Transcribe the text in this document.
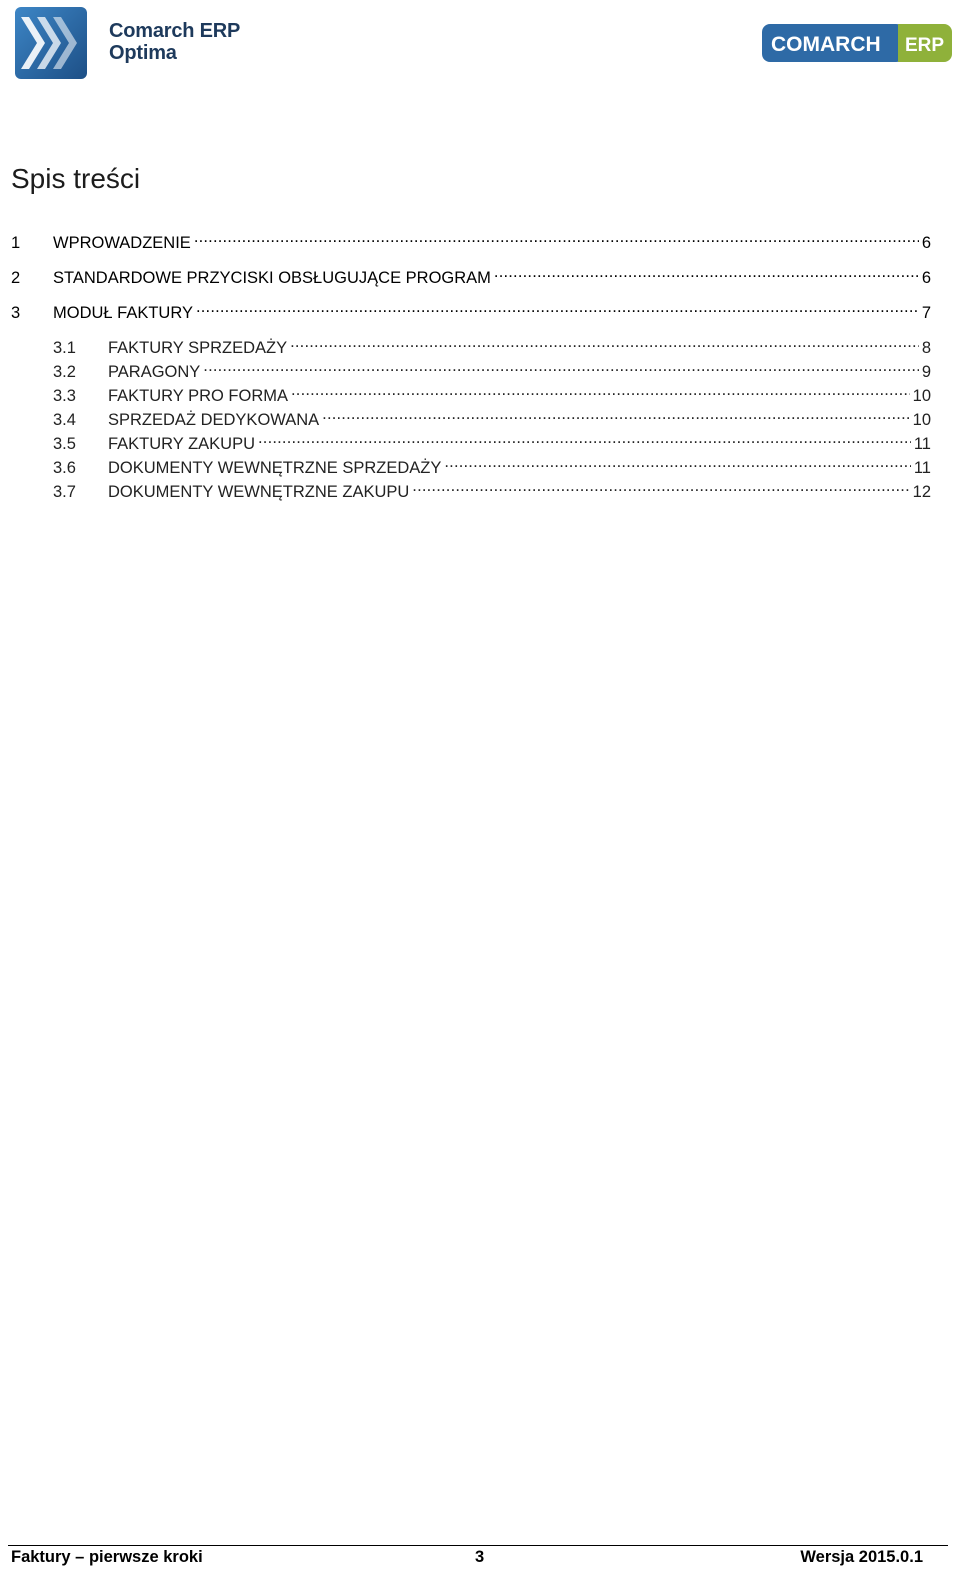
Comarch ERP
Optima	COMARCH ERP
Spis treści
1	WPROWADZENIE .....	6
2	STANDARDOWE PRZYCISKI OBSŁUGUJĄCE PROGRAM .....	6
3	MODUŁ FAKTURY .....	7
3.1	FAKTURY SPRZEDAŻY .....	8
3.2	PARAGONY .....	9
3.3	FAKTURY PRO FORMA .....	10
3.4	SPRZEDAŻ DEDYKOWANA .....	10
3.5	FAKTURY ZAKUPU .....	11
3.6	DOKUMENTY WEWNĘTRZNE SPRZEDAŻY .....	11
3.7	DOKUMENTY WEWNĘTRZNE ZAKUPU .....	12
Faktury – pierwsze kroki	3	Wersja 2015.0.1
